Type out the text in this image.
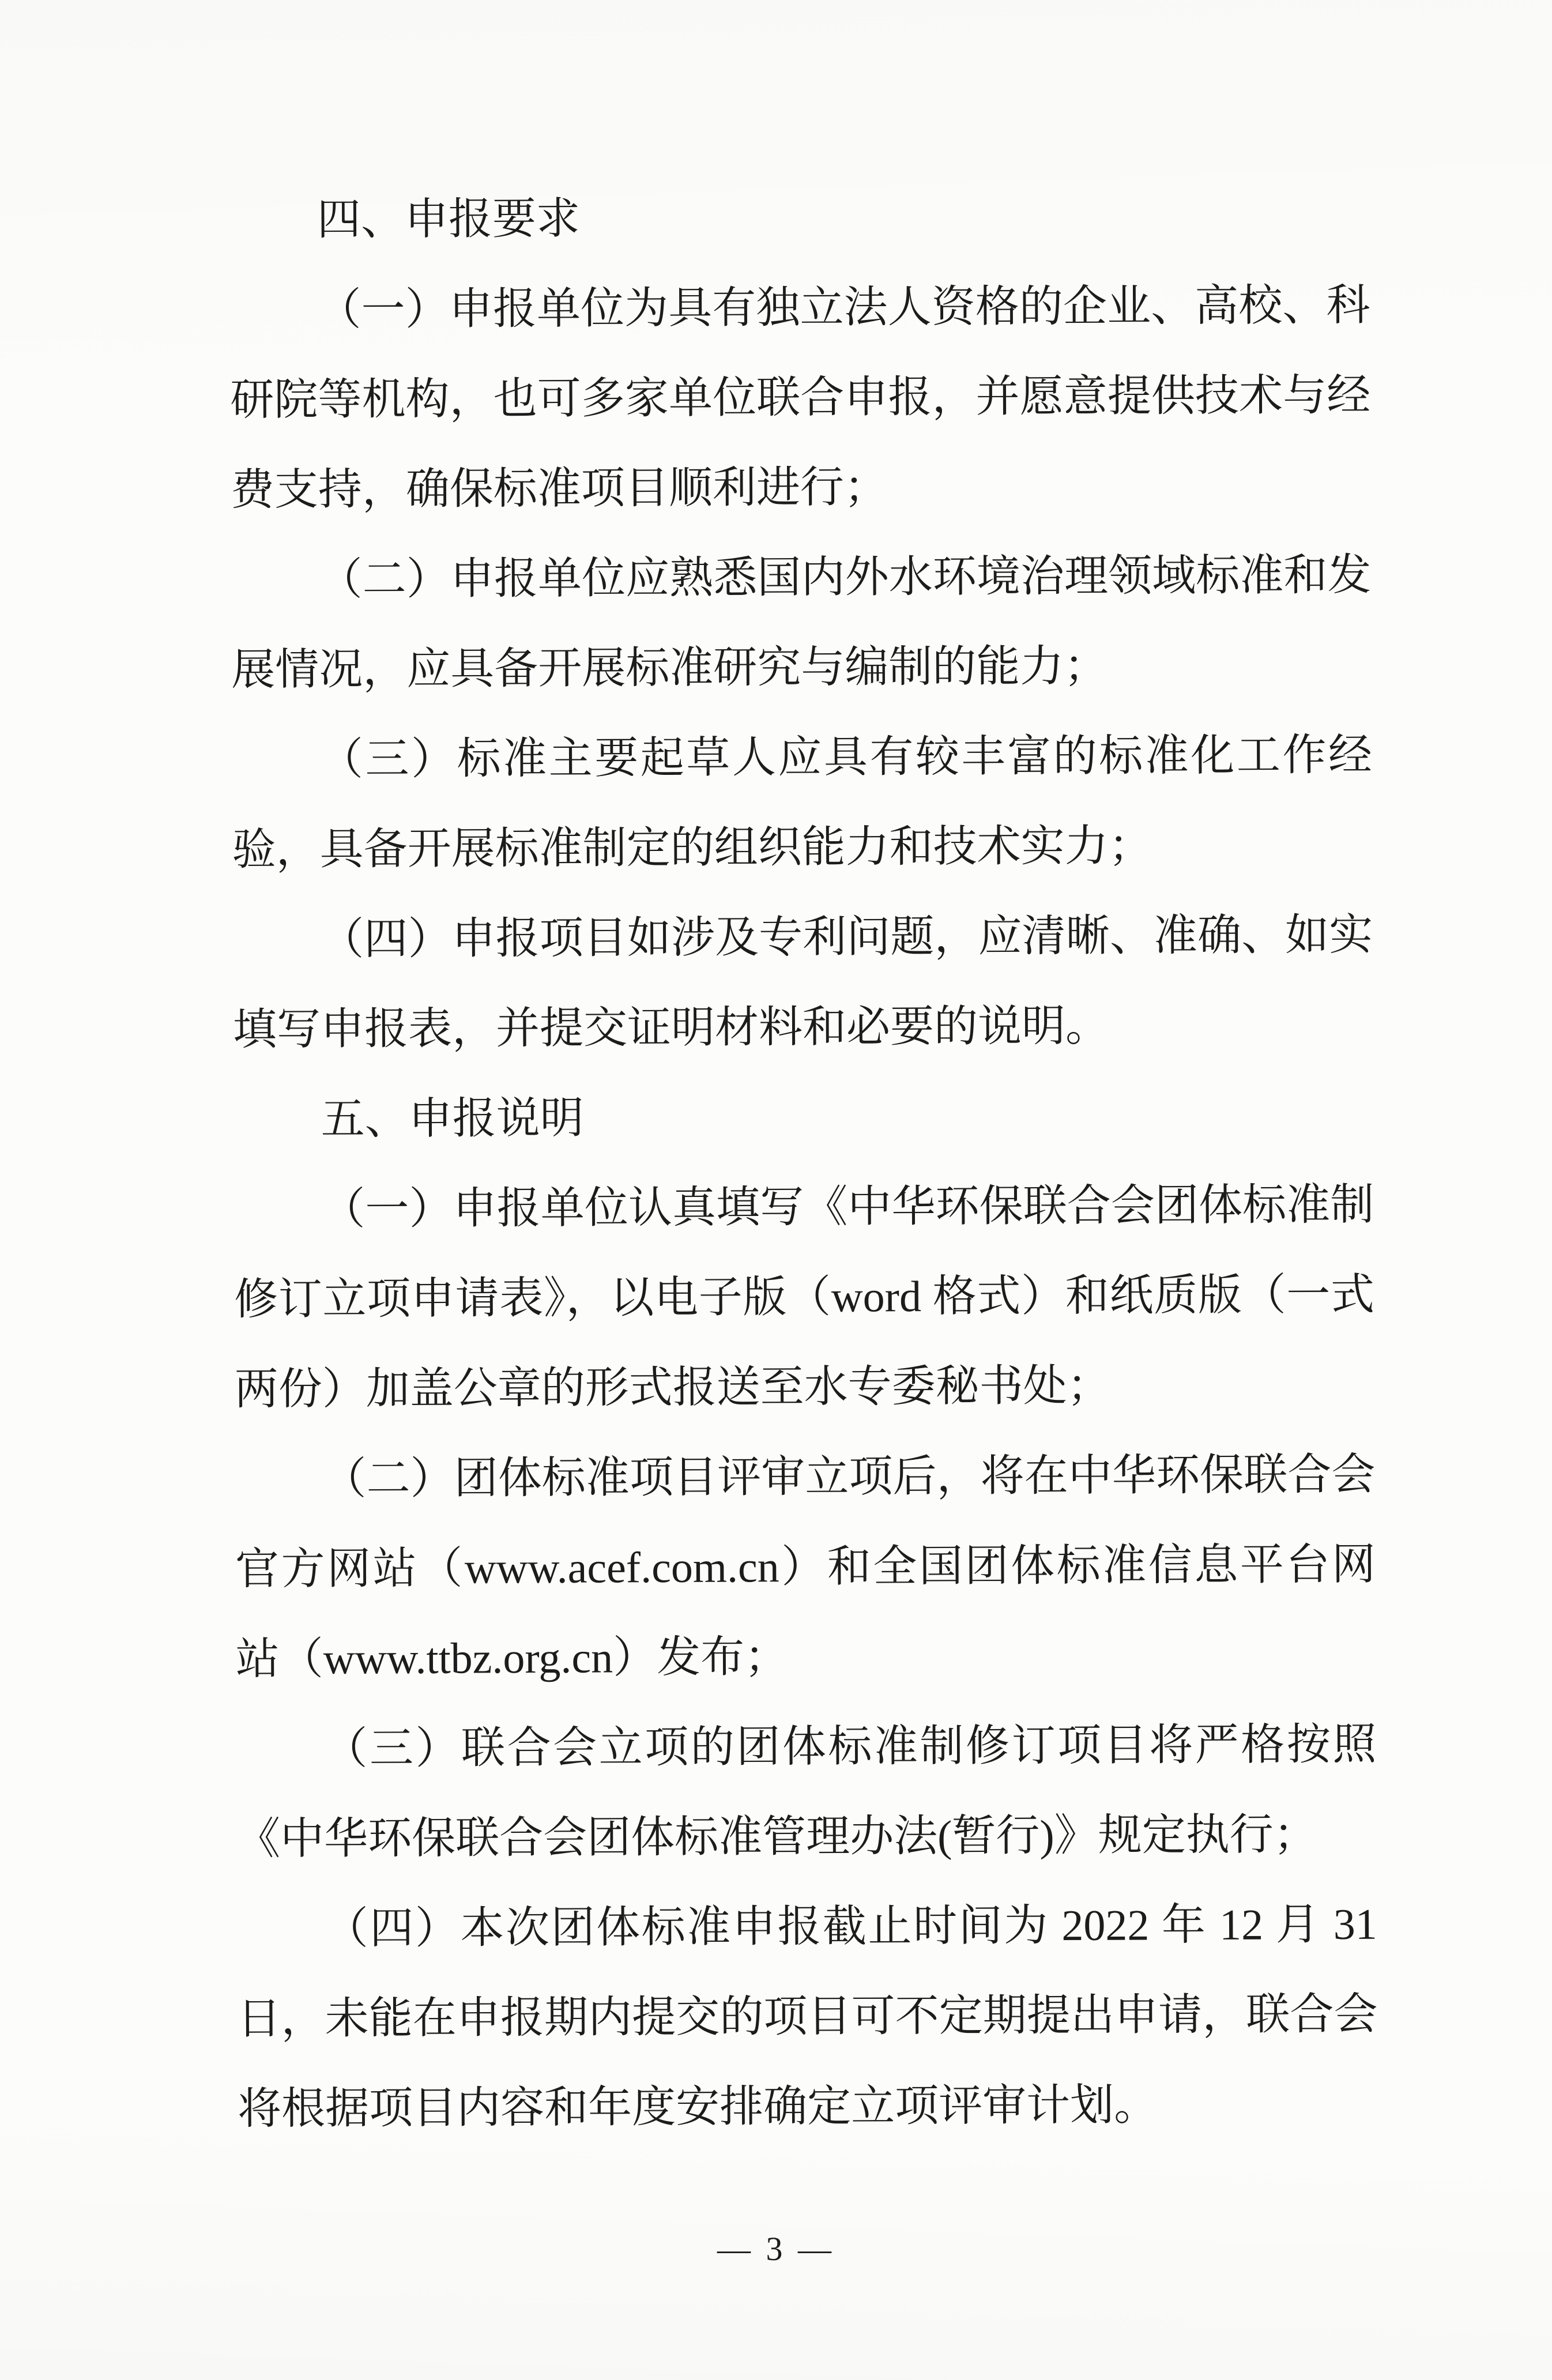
四、申报要求
（一）申报单位为具有独立法人资格的企业、高校、科
研院等机构，也可多家单位联合申报，并愿意提供技术与经
费支持，确保标准项目顺利进行；
（二）申报单位应熟悉国内外水环境治理领域标准和发
展情况，应具备开展标准研究与编制的能力；
（三）标准主要起草人应具有较丰富的标准化工作经
验，具备开展标准制定的组织能力和技术实力；
（四）申报项目如涉及专利问题，应清晰、准确、如实
填写申报表，并提交证明材料和必要的说明。
五、申报说明
（一）申报单位认真填写《中华环保联合会团体标准制
修订立项申请表》，以电子版（word 格式）和纸质版（一式
两份）加盖公章的形式报送至水专委秘书处；
（二）团体标准项目评审立项后，将在中华环保联合会
官方网站（www.acef.com.cn）和全国团体标准信息平台网
站（www.ttbz.org.cn）发布；
（三）联合会立项的团体标准制修订项目将严格按照
《中华环保联合会团体标准管理办法(暂行)》规定执行；
（四）本次团体标准申报截止时间为 2022 年 12 月 31
日，未能在申报期内提交的项目可不定期提出申请，联合会
将根据项目内容和年度安排确定立项评审计划。
— 3 —
